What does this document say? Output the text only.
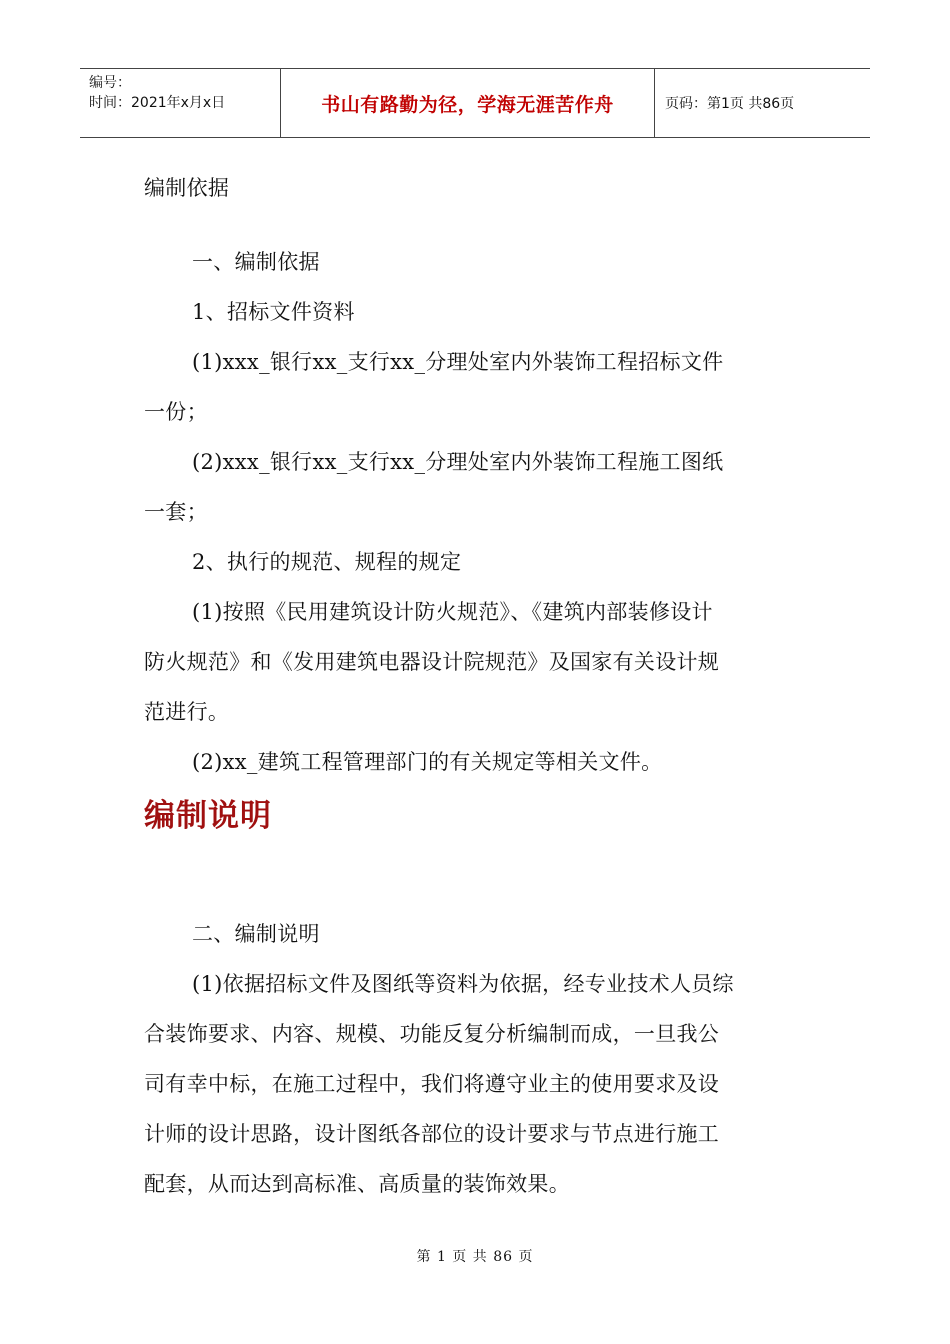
编号：
时间：2021年x月x日	书山有路勤为径，学海无涯苦作舟	页码：第1页 共86页
编制依据
一、编制依据
1、招标文件资料
(1)xxx_银行xx_支行xx_分理处室内外装饰工程招标文件
一份；
(2)xxx_银行xx_支行xx_分理处室内外装饰工程施工图纸
一套；
2、执行的规范、规程的规定
(1)按照《民用建筑设计防火规范》、《建筑内部装修设计
防火规范》和《发用建筑电器设计院规范》及国家有关设计规
范进行。
(2)xx_建筑工程管理部门的有关规定等相关文件。
编制说明
二、编制说明
(1)依据招标文件及图纸等资料为依据，经专业技术人员综
合装饰要求、内容、规模、功能反复分析编制而成，一旦我公
司有幸中标，在施工过程中，我们将遵守业主的使用要求及设
计师的设计思路，设计图纸各部位的设计要求与节点进行施工
配套，从而达到高标准、高质量的装饰效果。
第 1 页 共 86 页
